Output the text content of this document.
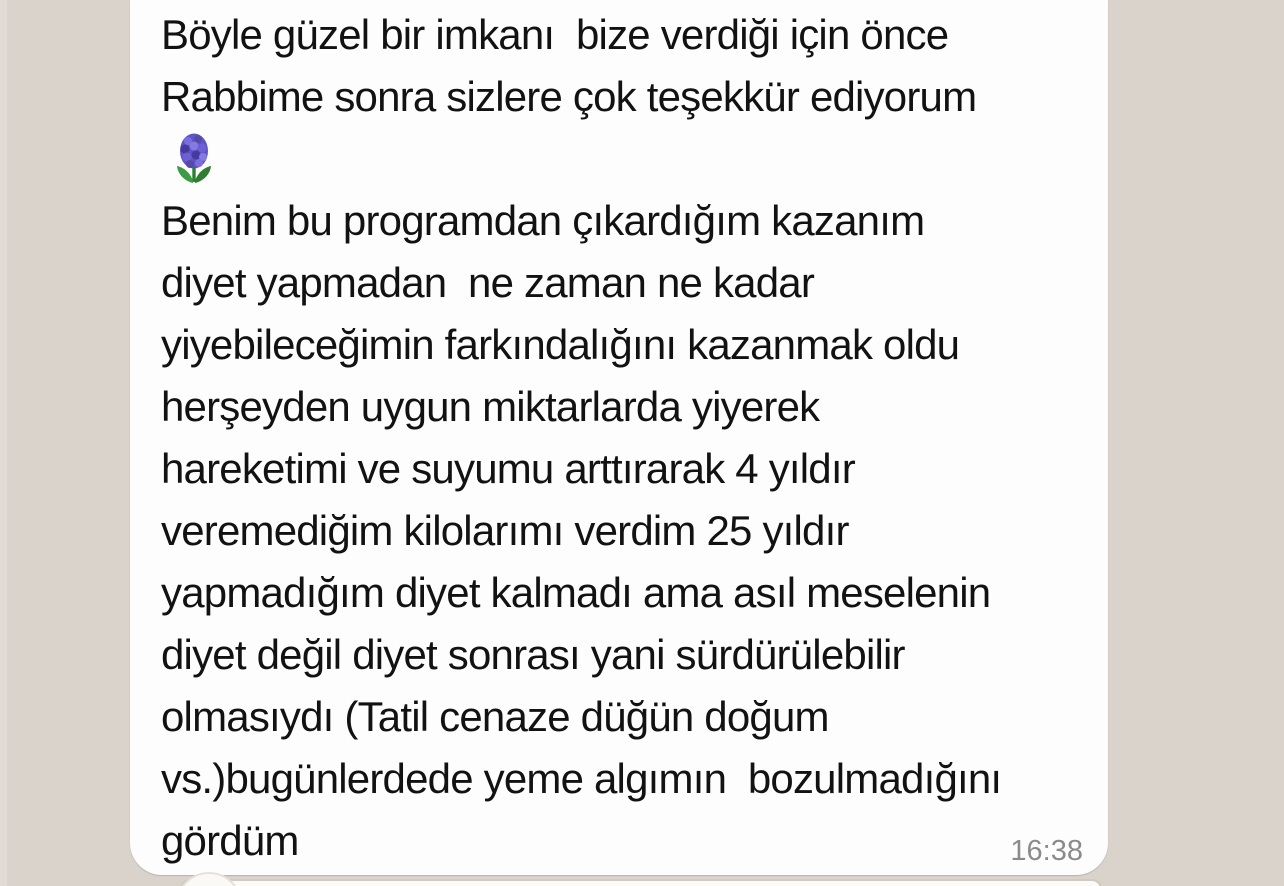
Böyle güzel bir imkanı  bize verdiği için önce
Rabbime sonra sizlere çok teşekkür ediyorum

Benim bu programdan çıkardığım kazanım
diyet yapmadan  ne zaman ne kadar
yiyebileceğimin farkındalığını kazanmak oldu
herşeyden uygun miktarlarda yiyerek
hareketimi ve suyumu arttırarak 4 yıldır
veremediğim kilolarımı verdim 25 yıldır
yapmadığım diyet kalmadı ama asıl meselenin
diyet değil diyet sonrası yani sürdürülebilir
olmasıydı (Tatil cenaze düğün doğum
vs.)bugünlerdede yeme algımın  bozulmadığını
gördüm	16:38
